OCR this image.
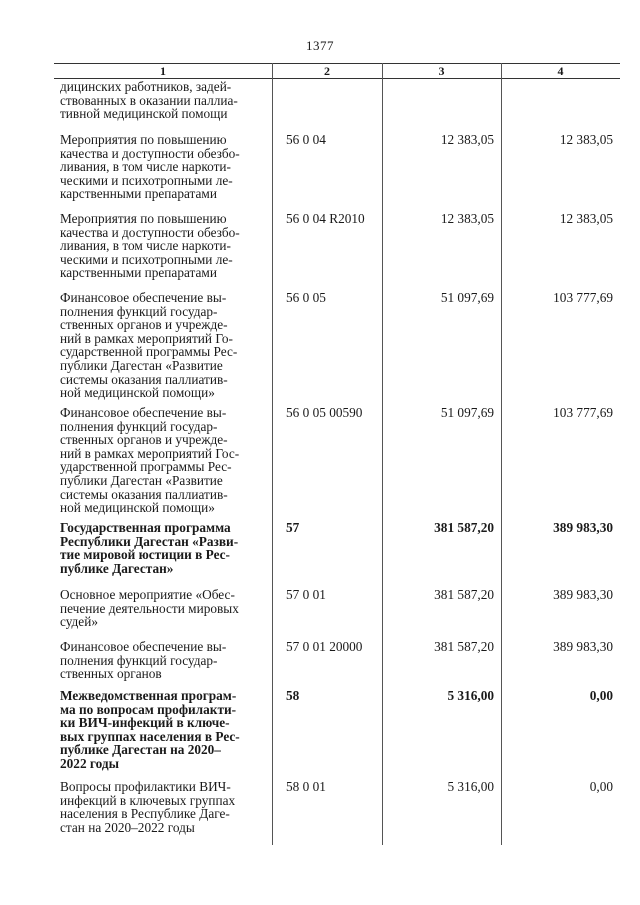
1377
1	2	3	4
дицинских работников, задей-
ствованных в оказании паллиа-
тивной медицинской помощи
Мероприятия по повышению
качества и доступности обезбо-
ливания, в том числе наркоти-
ческими и психотропными ле-
карственными препаратами
56 0 04	12 383,05	12 383,05
Мероприятия по повышению
качества и доступности обезбо-
ливания, в том числе наркоти-
ческими и психотропными ле-
карственными препаратами
56 0 04 R2010	12 383,05	12 383,05
Финансовое обеспечение вы-
полнения функций государ-
ственных органов и учрежде-
ний в рамках мероприятий Го-
сударственной программы Рес-
публики Дагестан «Развитие
системы оказания паллиатив-
ной медицинской помощи»
56 0 05	51 097,69	103 777,69
Финансовое обеспечение вы-
полнения функций государ-
ственных органов и учрежде-
ний в рамках мероприятий Гос-
ударственной программы Рес-
публики Дагестан «Развитие
системы оказания паллиатив-
ной медицинской помощи»
56 0 05 00590	51 097,69	103 777,69
Государственная программа
Республики Дагестан «Разви-
тие мировой юстиции в Рес-
публике Дагестан»
57	381 587,20	389 983,30
Основное мероприятие «Обес-
печение деятельности мировых
судей»
57 0 01	381 587,20	389 983,30
Финансовое обеспечение вы-
полнения функций государ-
ственных органов
57 0 01 20000	381 587,20	389 983,30
Межведомственная програм-
ма по вопросам профилакти-
ки ВИЧ-инфекций в ключе-
вых группах населения в Рес-
публике Дагестан на 2020–
2022 годы
58	5 316,00	0,00
Вопросы профилактики ВИЧ-
инфекций в ключевых группах
населения в Республике Даге-
стан на 2020–2022 годы
58 0 01	5 316,00	0,00
